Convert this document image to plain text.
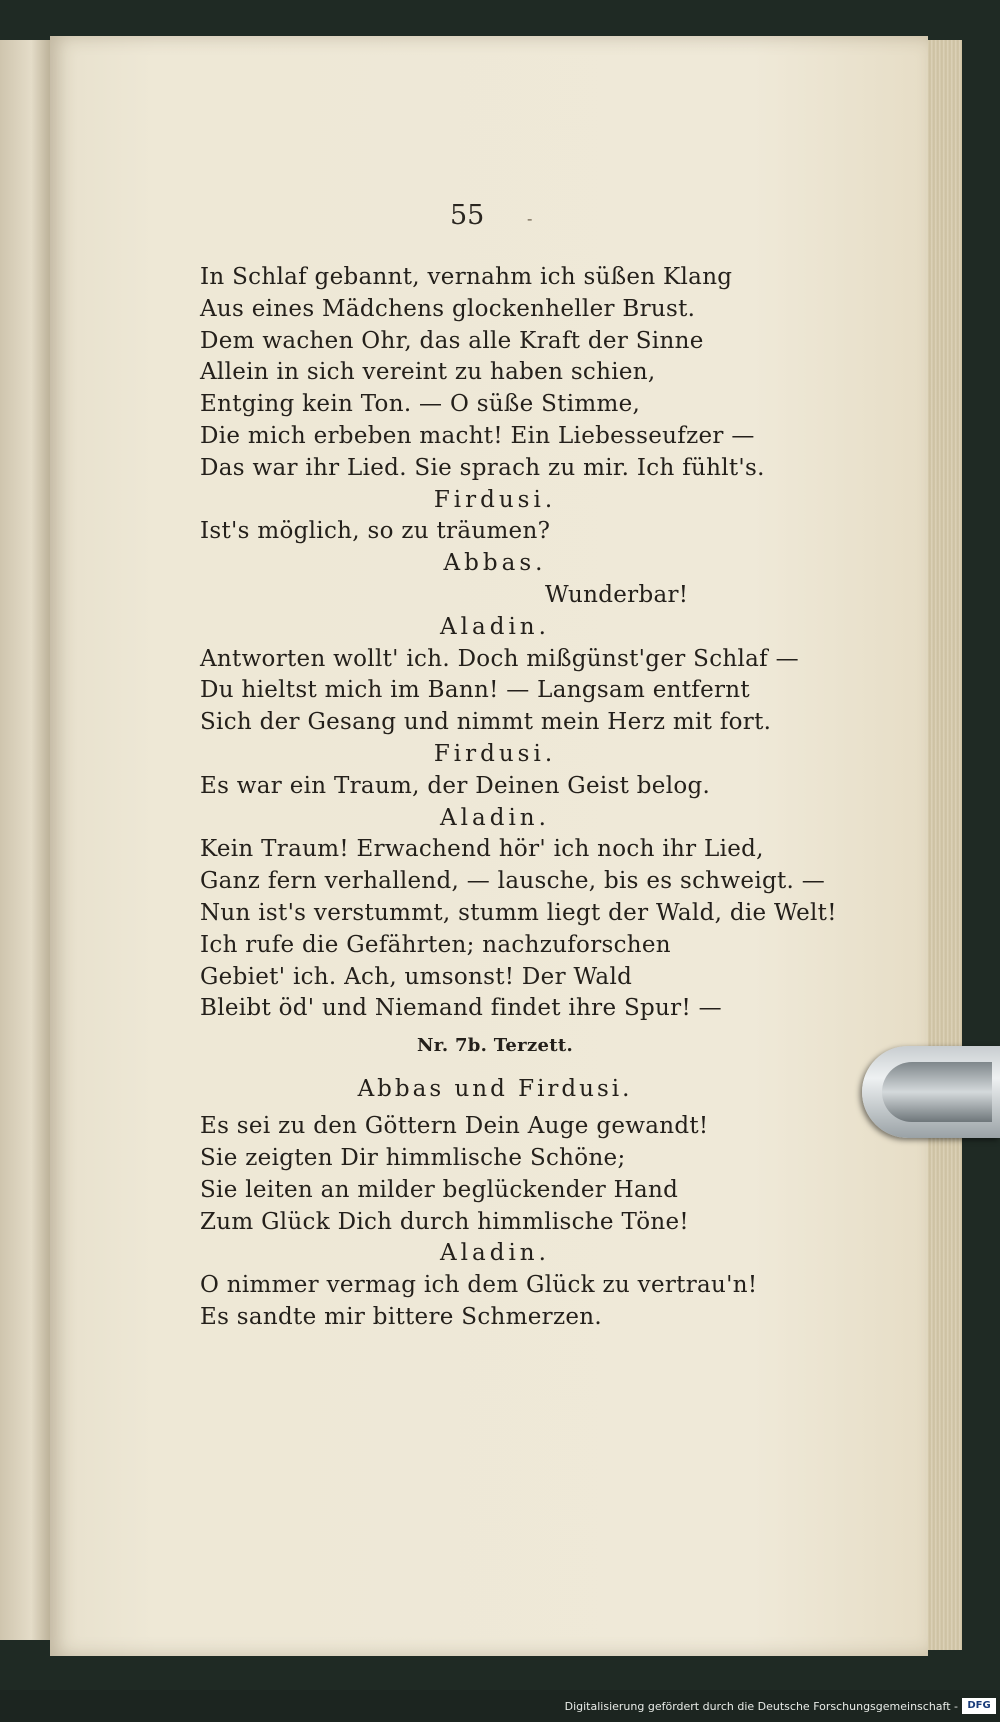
55	-
In Schlaf gebannt, vernahm ich süßen Klang
Aus eines Mädchens glockenheller Brust.
Dem wachen Ohr, das alle Kraft der Sinne
Allein in sich vereint zu haben schien,
Entging kein Ton. — O süße Stimme,
Die mich erbeben macht! Ein Liebesseufzer —
Das war ihr Lied. Sie sprach zu mir. Ich fühlt's.
Firdusi.
Ist's möglich, so zu träumen?
Abbas.
Wunderbar!
Aladin.
Antworten wollt' ich. Doch mißgünst'ger Schlaf —
Du hieltst mich im Bann! — Langsam entfernt
Sich der Gesang und nimmt mein Herz mit fort.
Firdusi.
Es war ein Traum, der Deinen Geist belog.
Aladin.
Kein Traum! Erwachend hör' ich noch ihr Lied,
Ganz fern verhallend, — lausche, bis es schweigt. —
Nun ist's verstummt, stumm liegt der Wald, die Welt!
Ich rufe die Gefährten; nachzuforschen
Gebiet' ich. Ach, umsonst! Der Wald
Bleibt öd' und Niemand findet ihre Spur! —
Nr. 7b. Terzett.
Abbas und Firdusi.
Es sei zu den Göttern Dein Auge gewandt!
Sie zeigten Dir himmlische Schöne;
Sie leiten an milder beglückender Hand
Zum Glück Dich durch himmlische Töne!
Aladin.
O nimmer vermag ich dem Glück zu vertrau'n!
Es sandte mir bittere Schmerzen.
Digitalisierung gefördert durch die Deutsche Forschungsgemeinschaft - DFG
